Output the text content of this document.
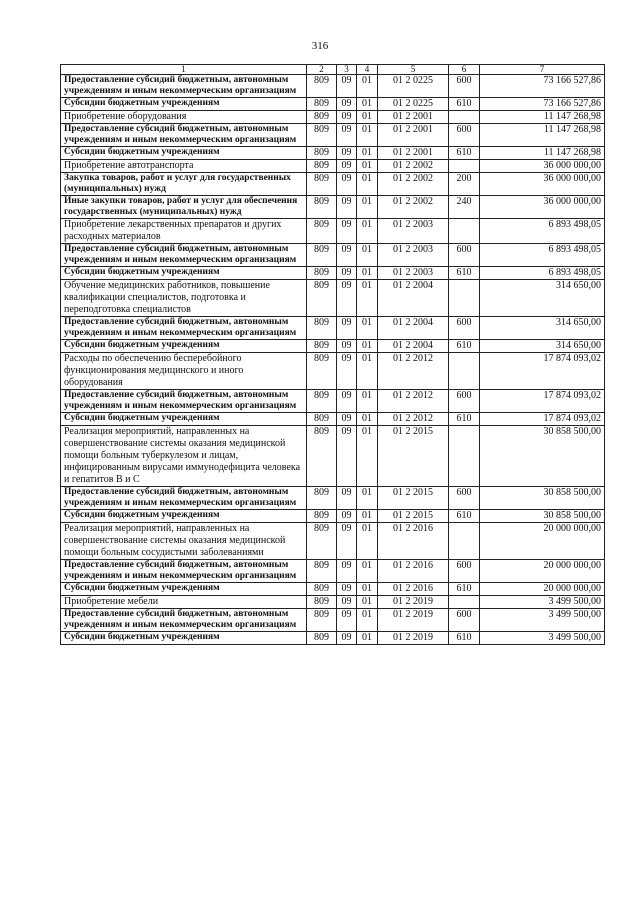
316
1	2	3	4	5	6	7
Предоставление субсидий бюджетным, автономным учреждениям и иным некоммерческим организациям	809	09	01	01 2 0225	600	73 166 527,86
Субсидии бюджетным учреждениям	809	09	01	01 2 0225	610	73 166 527,86
Приобретение оборудования	809	09	01	01 2 2001		11 147 268,98
Предоставление субсидий бюджетным, автономным учреждениям и иным некоммерческим организациям	809	09	01	01 2 2001	600	11 147 268,98
Субсидии бюджетным учреждениям	809	09	01	01 2 2001	610	11 147 268,98
Приобретение автотранспорта	809	09	01	01 2 2002		36 000 000,00
Закупка товаров, работ и услуг для государственных (муниципальных) нужд	809	09	01	01 2 2002	200	36 000 000,00
Иные закупки товаров, работ и услуг для обеспечения государственных (муниципальных) нужд	809	09	01	01 2 2002	240	36 000 000,00
Приобретение лекарственных препаратов и других расходных материалов	809	09	01	01 2 2003		6 893 498,05
Предоставление субсидий бюджетным, автономным учреждениям и иным некоммерческим организациям	809	09	01	01 2 2003	600	6 893 498,05
Субсидии бюджетным учреждениям	809	09	01	01 2 2003	610	6 893 498,05
Обучение медицинских работников, повышение квалификации специалистов, подготовка и переподготовка специалистов	809	09	01	01 2 2004		314 650,00
Предоставление субсидий бюджетным, автономным учреждениям и иным некоммерческим организациям	809	09	01	01 2 2004	600	314 650,00
Субсидии бюджетным учреждениям	809	09	01	01 2 2004	610	314 650,00
Расходы по обеспечению бесперебойного функционирования медицинского и иного оборудования	809	09	01	01 2 2012		17 874 093,02
Предоставление субсидий бюджетным, автономным учреждениям и иным некоммерческим организациям	809	09	01	01 2 2012	600	17 874 093,02
Субсидии бюджетным учреждениям	809	09	01	01 2 2012	610	17 874 093,02
Реализация мероприятий, направленных на совершенствование системы оказания медицинской помощи больным туберкулезом и лицам, инфицированным вирусами иммунодефицита человека и гепатитов В и С	809	09	01	01 2 2015		30 858 500,00
Предоставление субсидий бюджетным, автономным учреждениям и иным некоммерческим организациям	809	09	01	01 2 2015	600	30 858 500,00
Субсидии бюджетным учреждениям	809	09	01	01 2 2015	610	30 858 500,00
Реализация мероприятий, направленных на совершенствование системы оказания медицинской помощи больным сосудистыми заболеваниями	809	09	01	01 2 2016		20 000 000,00
Предоставление субсидий бюджетным, автономным учреждениям и иным некоммерческим организациям	809	09	01	01 2 2016	600	20 000 000,00
Субсидии бюджетным учреждениям	809	09	01	01 2 2016	610	20 000 000,00
Приобретение мебели	809	09	01	01 2 2019		3 499 500,00
Предоставление субсидий бюджетным, автономным учреждениям и иным некоммерческим организациям	809	09	01	01 2 2019	600	3 499 500,00
Субсидии бюджетным учреждениям	809	09	01	01 2 2019	610	3 499 500,00
